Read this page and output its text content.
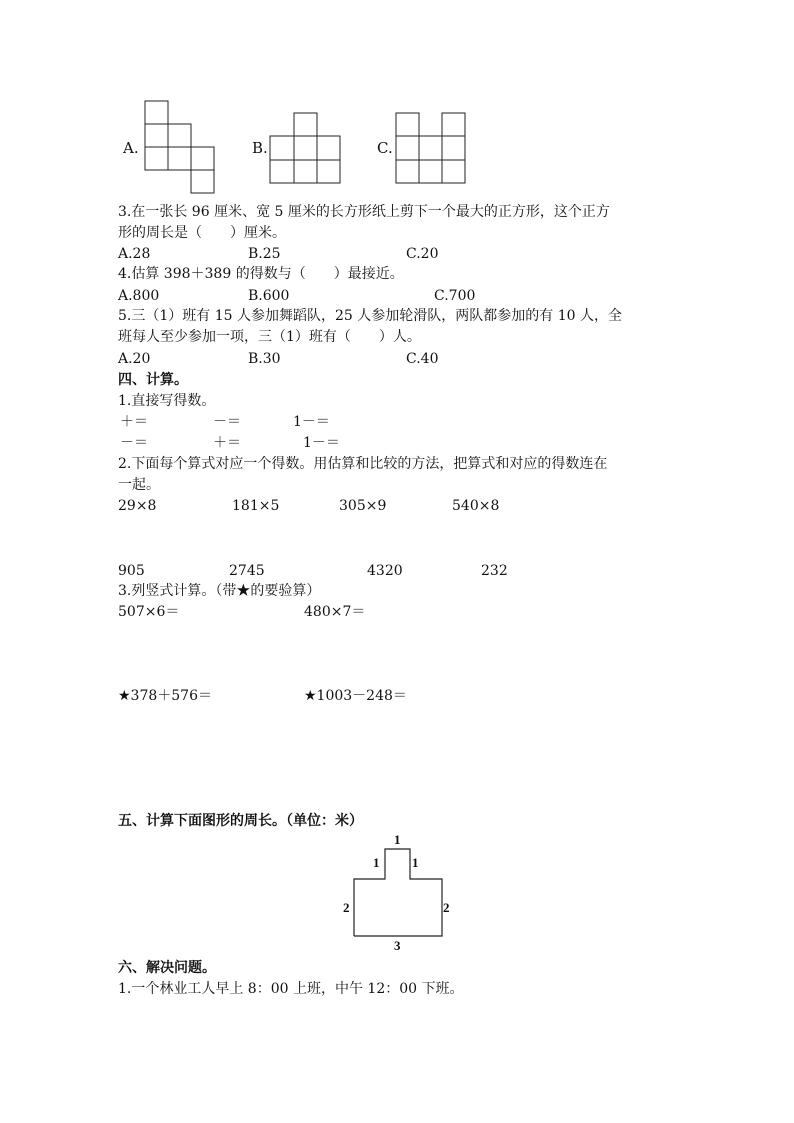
A.	B.	C.
3.在一张长 96 厘米、宽 5 厘米的长方形纸上剪下一个最大的正方形，这个正方
形的周长是（　　）厘米。
A.28	B.25	C.20
4.估算 398＋389 的得数与（　　）最接近。
A.800	B.600	C.700
5.三（1）班有 15 人参加舞蹈队，25 人参加轮滑队，两队都参加的有 10 人，全
班每人至少参加一项，三（1）班有（　　）人。
A.20	B.30	C.40
四、计算。
1.直接写得数。
＋＝	－＝	1－＝
－＝	＋＝	1－＝
2.下面每个算式对应一个得数。用估算和比较的方法，把算式和对应的得数连在
一起。
29×8	181×5	305×9	540×8
905	2745	4320	232
3.列竖式计算。（带★的要验算）
507×6＝	480×7＝
★378＋576＝	★1003－248＝
五、计算下面图形的周长。（单位：米）
1
1	1
2	2
3
六、解决问题。
1.一个林业工人早上 8：00 上班，中午 12：00 下班。
